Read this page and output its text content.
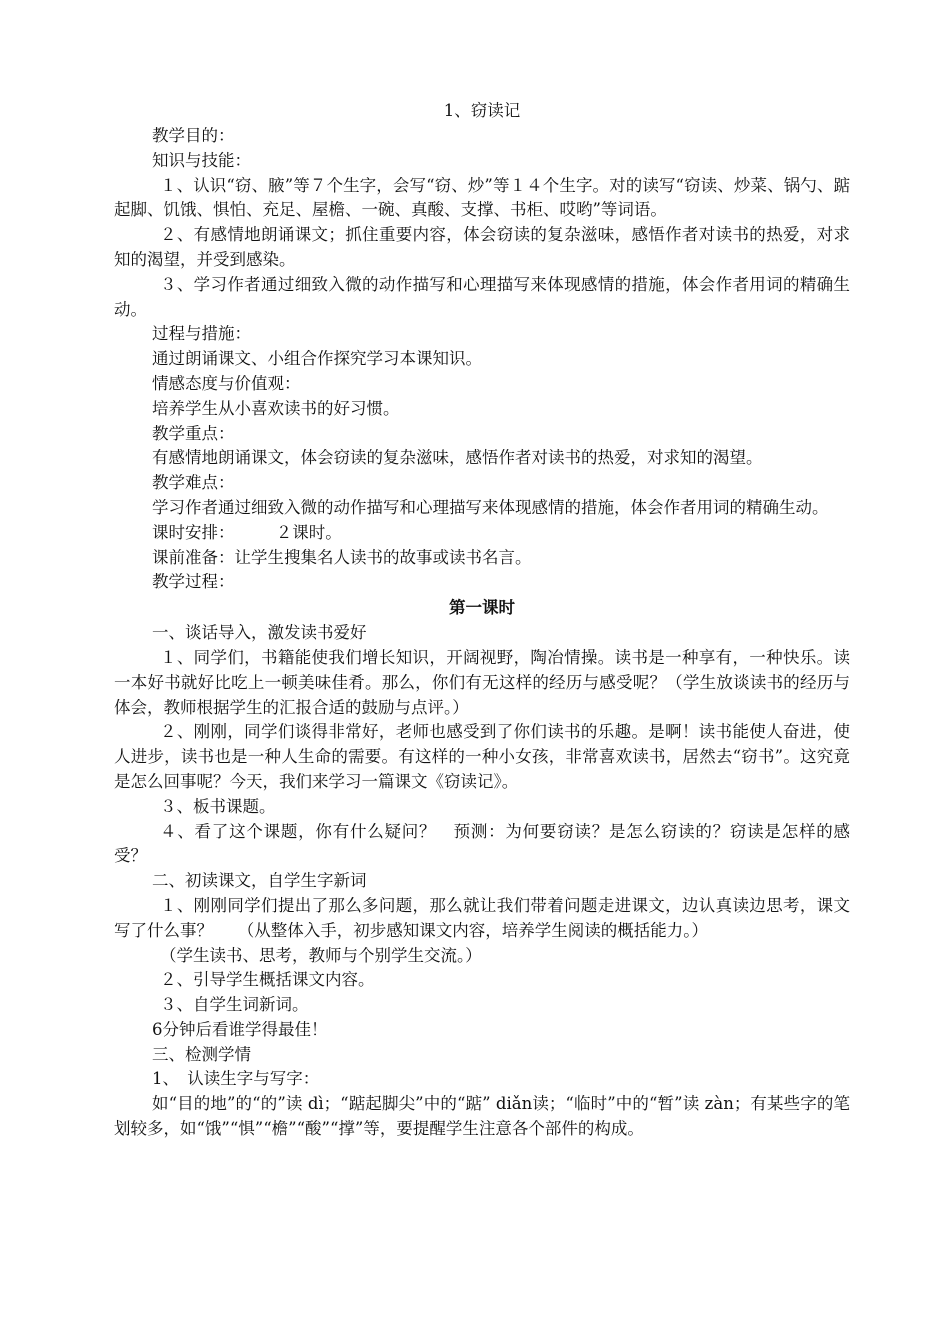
1、窃读记

教学目的：

知识与技能：

１、认识“窃、腋”等７个生字，会写“窃、炒”等１４个生字。对的读写“窃读、炒菜、锅勺、踮起脚、饥饿、惧怕、充足、屋檐、一碗、真酸、支撑、书柜、哎哟”等词语。

２、有感情地朗诵课文；抓住重要内容，体会窃读的复杂滋味，感悟作者对读书的热爱，对求知的渴望，并受到感染。

３、学习作者通过细致入微的动作描写和心理描写来体现感情的措施，体会作者用词的精确生动。

过程与措施：

通过朗诵课文、小组合作探究学习本课知识。

情感态度与价值观：

培养学生从小喜欢读书的好习惯。

教学重点：

有感情地朗诵课文，体会窃读的复杂滋味，感悟作者对读书的热爱，对求知的渴望。

教学难点：

学习作者通过细致入微的动作描写和心理描写来体现感情的措施，体会作者用词的精确生动。

课时安排：　　　２课时。

课前准备：让学生搜集名人读书的故事或读书名言。

教学过程：

第一课时

一、谈话导入，激发读书爱好

１、同学们，书籍能使我们增长知识，开阔视野，陶冶情操。读书是一种享有，一种快乐。读一本好书就好比吃上一顿美味佳肴。那么，你们有无这样的经历与感受呢？（学生放谈读书的经历与体会，教师根据学生的汇报合适的鼓励与点评。）

２、刚刚，同学们谈得非常好，老师也感受到了你们读书的乐趣。是啊！读书能使人奋进，使人进步，读书也是一种人生命的需要。有这样的一种小女孩，非常喜欢读书，居然去“窃书”。这究竟是怎么回事呢？今天，我们来学习一篇课文《窃读记》。

３、板书课题。

４、看了这个课题，你有什么疑问？　预测：为何要窃读？是怎么窃读的？窃读是怎样的感受？

二、初读课文，自学生字新词

１、刚刚同学们提出了那么多问题，那么就让我们带着问题走进课文，边认真读边思考，课文写了什么事？　　（从整体入手，初步感知课文内容，培养学生阅读的概括能力。）

（学生读书、思考，教师与个别学生交流。）

２、引导学生概括课文内容。

３、自学生词新词。

6分钟后看谁学得最佳！

三、检测学情

1、　认读生字与写字：

如“目的地”的“的”读 dì；“踮起脚尖”中的“踮” diǎn读；“临时”中的“暂”读 zàn；有某些字的笔划较多，如“饿”“惧”“檐”“酸”“撑”等，要提醒学生注意各个部件的构成。
